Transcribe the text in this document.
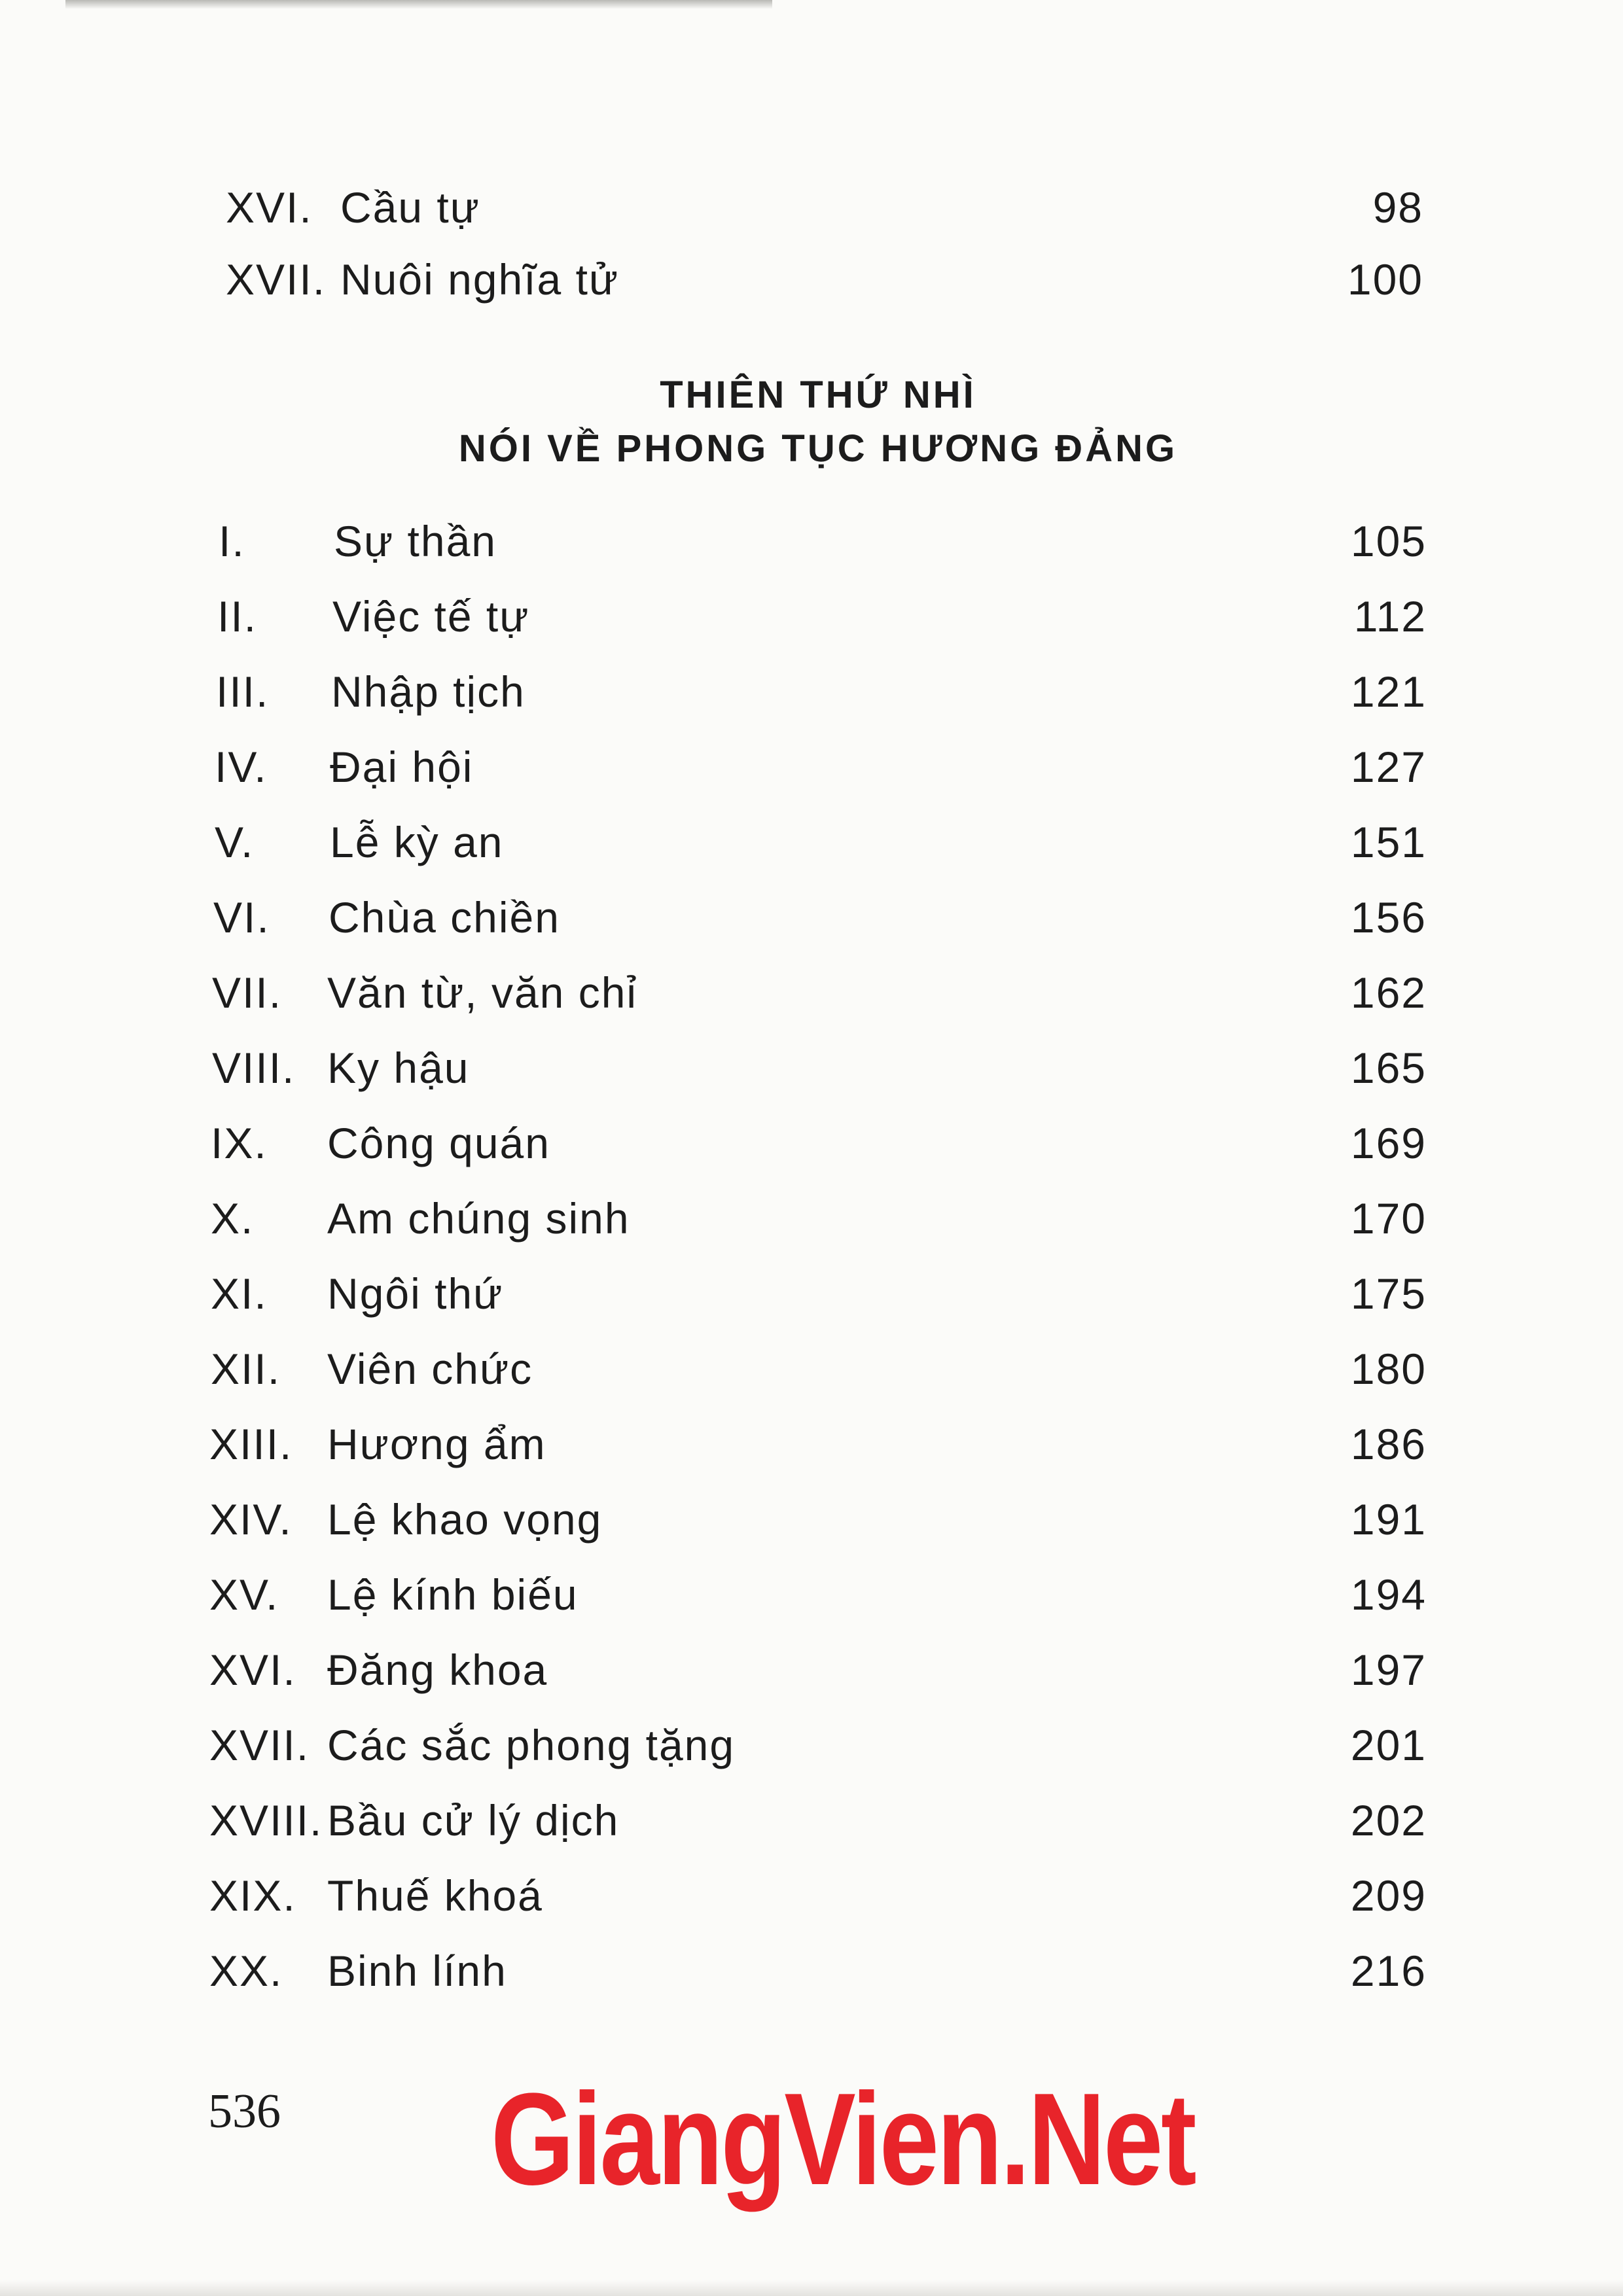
XVI. Cầu tự	98
XVII. Nuôi nghĩa tử	100
THIÊN THỨ NHÌ
NÓI VỀ PHONG TỤC HƯƠNG ĐẢNG
I. Sự thần	105
II. Việc tế tự	112
III. Nhập tịch	121
IV. Đại hội	127
V. Lễ kỳ an	151
VI. Chùa chiền	156
VII. Văn từ, văn chỉ	162
VIII. Ky hậu	165
IX. Công quán	169
X. Am chúng sinh	170
XI. Ngôi thứ	175
XII. Viên chức	180
XIII. Hương ẩm	186
XIV. Lệ khao vọng	191
XV. Lệ kính biếu	194
XVI. Đăng khoa	197
XVII. Các sắc phong tặng	201
XVIII. Bầu cử lý dịch	202
XIX. Thuế khoá	209
XX. Binh lính	216
536 GiangVien.Net
